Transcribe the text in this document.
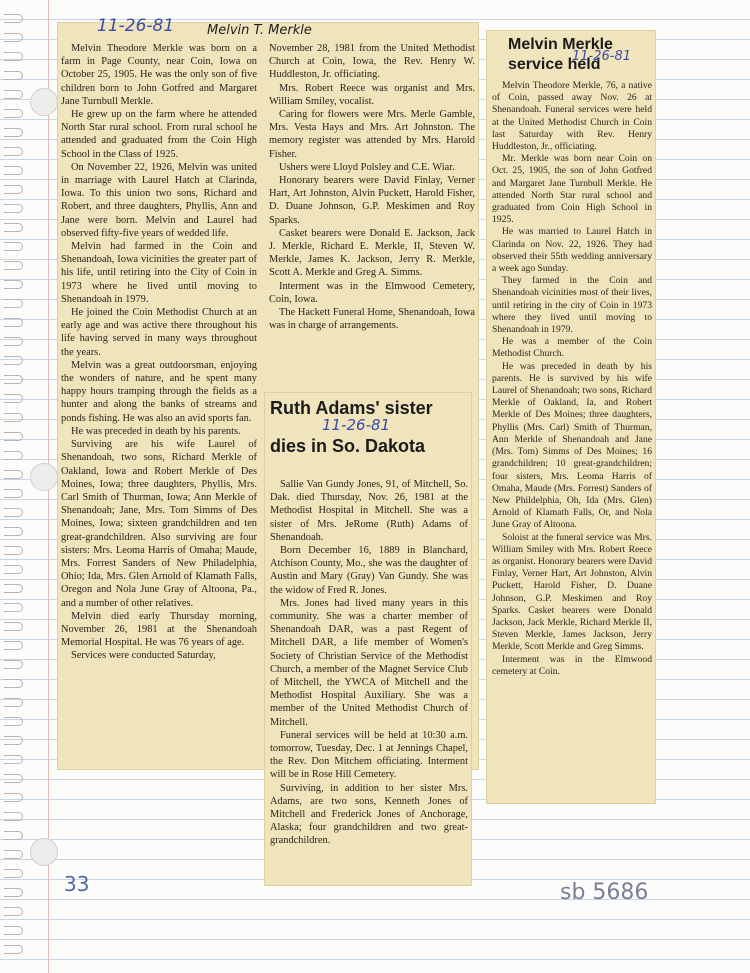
11-26-81	Melvin T. Merkle

Melvin Theodore Merkle was born on a farm in Page County, near Coin, Iowa on October 25, 1905. He was the only son of five children born to John Gotfred and Margaret Jane Turnbull Merkle.

He grew up on the farm where he attended North Star rural school. From rural school he attended and graduated from the Coin High School in the Class of 1925.

On November 22, 1926, Melvin was united in marriage with Laurel Hatch at Clarinda, Iowa. To this union two sons, Richard and Robert, and three daughters, Phyllis, Ann and Jane were born. Melvin and Laurel had observed fifty-five years of wedded life.

Melvin had farmed in the Coin and Shenandoah, Iowa vicinities the greater part of his life, until retiring into the City of Coin in 1973 where he lived until moving to Shenandoah in 1979.

He joined the Coin Methodist Church at an early age and was active there throughout his life having served in many ways throughout the years.

Melvin was a great outdoorsman, enjoying the wonders of nature, and he spent many happy hours tramping through the fields as a hunter and along the banks of streams and ponds fishing. He was also an avid sports fan.

He was preceded in death by his parents.

Surviving are his wife Laurel of Shenandoah, two sons, Richard Merkle of Oakland, Iowa and Robert Merkle of Des Moines, Iowa; three daughters, Phyllis, Mrs. Carl Smith of Thurman, Iowa; Ann Merkle of Shenandoah; Jane, Mrs. Tom Simms of Des Moines, Iowa; sixteen grandchildren and ten great-grandchildren. Also surviving are four sisters: Mrs. Leoma Harris of Omaha; Maude, Mrs. Forrest Sanders of New Philadelphia, Ohio; Ida, Mrs. Glen Arnold of Klamath Falls, Oregon and Nola June Gray of Altoona, Pa., and a number of other relatives.

Melvin died early Thursday morning, November 26, 1981 at the Shenandoah Memorial Hospital. He was 76 years of age.

Services were conducted Saturday,

November 28, 1981 from the United Methodist Church at Coin, Iowa, the Rev. Henry W. Huddleston, Jr. officiating.

Mrs. Robert Reece was organist and Mrs. William Smiley, vocalist.

Caring for flowers were Mrs. Merle Gamble, Mrs. Vesta Hays and Mrs. Art Johnston. The memory register was attended by Mrs. Harold Fisher.

Ushers were Lloyd Polsley and C.E. Wiar.

Honorary bearers were David Finlay, Verner Hart, Art Johnston, Alvin Puckett, Harold Fisher, D. Duane Johnson, G.P. Meskimen and Roy Sparks.

Casket bearers were Donald E. Jackson, Jack J. Merkle, Richard E. Merkle, II, Steven W. Merkle, James K. Jackson, Jerry R. Merkle, Scott A. Merkle and Greg A. Simms.

Interment was in the Elmwood Cemetery, Coin, Iowa.

The Hackett Funeral Home, Shenandoah, Iowa was in charge of arrangements.

Ruth Adams' sister
11-26-81
dies in So. Dakota

Sallie Van Gundy Jones, 91, of Mitchell, So. Dak. died Thursday, Nov. 26, 1981 at the Methodist Hospital in Mitchell. She was a sister of Mrs. JeRome (Ruth) Adams of Shenandoah.

Born December 16, 1889 in Blanchard, Atchison County, Mo., she was the daughter of Austin and Mary (Gray) Van Gundy. She was the widow of Fred R. Jones.

Mrs. Jones had lived many years in this community. She was a charter member of Shenandoah DAR, was a past Regent of Mitchell DAR, a life member of Women's Society of Christian Service of the Methodist Church, a member of the Magnet Service Club of Mitchell, the YWCA of Mitchell and the Methodist Hospital Auxiliary. She was a member of the United Methodist Church of Mitchell.

Funeral services will be held at 10:30 a.m. tomorrow, Tuesday, Dec. 1 at Jennings Chapel, the Rev. Don Mitchem officiating. Interment will be in Rose Hill Cemetery.

Surviving, in addition to her sister Mrs. Adams, are two sons, Kenneth Jones of Mitchell and Frederick Jones of Anchorage, Alaska; four grandchildren and two great-grandchildren.

Melvin Merkle
service held
11-26-81

Melvin Theodore Merkle, 76, a native of Coin, passed away Nov. 26 at Shenandoah. Funeral services were held at the United Methodist Church in Coin last Saturday with Rev. Henry Huddleston, Jr., officiating.

Mr. Merkle was born near Coin on Oct. 25, 1905, the son of John Gotfred and Margaret Jane Turnbull Merkle. He attended North Star rural school and graduated from Coin High School in 1925.

He was married to Laurel Hatch in Clarinda on Nov. 22, 1926. They had observed their 55th wedding anniversary a week ago Sunday.

They farmed in the Coin and Shenandoah vicinities most of their lives, until retiring in the city of Coin in 1973 where they lived until moving to Shenandoah in 1979.

He was a member of the Coin Methodist Church.

He was preceded in death by his parents. He is survived by his wife Laurel of Shenandoah; two sons, Richard Merkle of Oakland, Ia, and Robert Merkle of Des Moines; three daughters, Phyllis (Mrs. Carl) Smith of Thurman, Ann Merkle of Shenandoah and Jane (Mrs. Tom) Simms of Des Moines; 16 grandchildren; 10 great-grandchildren; four sisters, Mrs. Leoma Harris of Omaha, Maude (Mrs. Forrest) Sanders of New Phildelphia, Oh, Ida (Mrs. Glen) Arnold of Klamath Falls, Or, and Nola June Gray of Altoona.

Soloist at the funeral service was Mrs. William Smiley with Mrs. Robert Reece as organist. Honorary bearers were David Finlay, Verner Hart, Art Johnston, Alvin Puckett, Harold Fisher, D. Duane Johnson, G.P. Meskimen and Roy Sparks. Casket bearers were Donald Jackson, Jack Merkle, Richard Merkle II, Steven Merkle, James Jackson, Jerry Merkle, Scott Merkle and Greg Simms.

Interment was in the Elmwood cemetery at Coin.

33	sb 5686
